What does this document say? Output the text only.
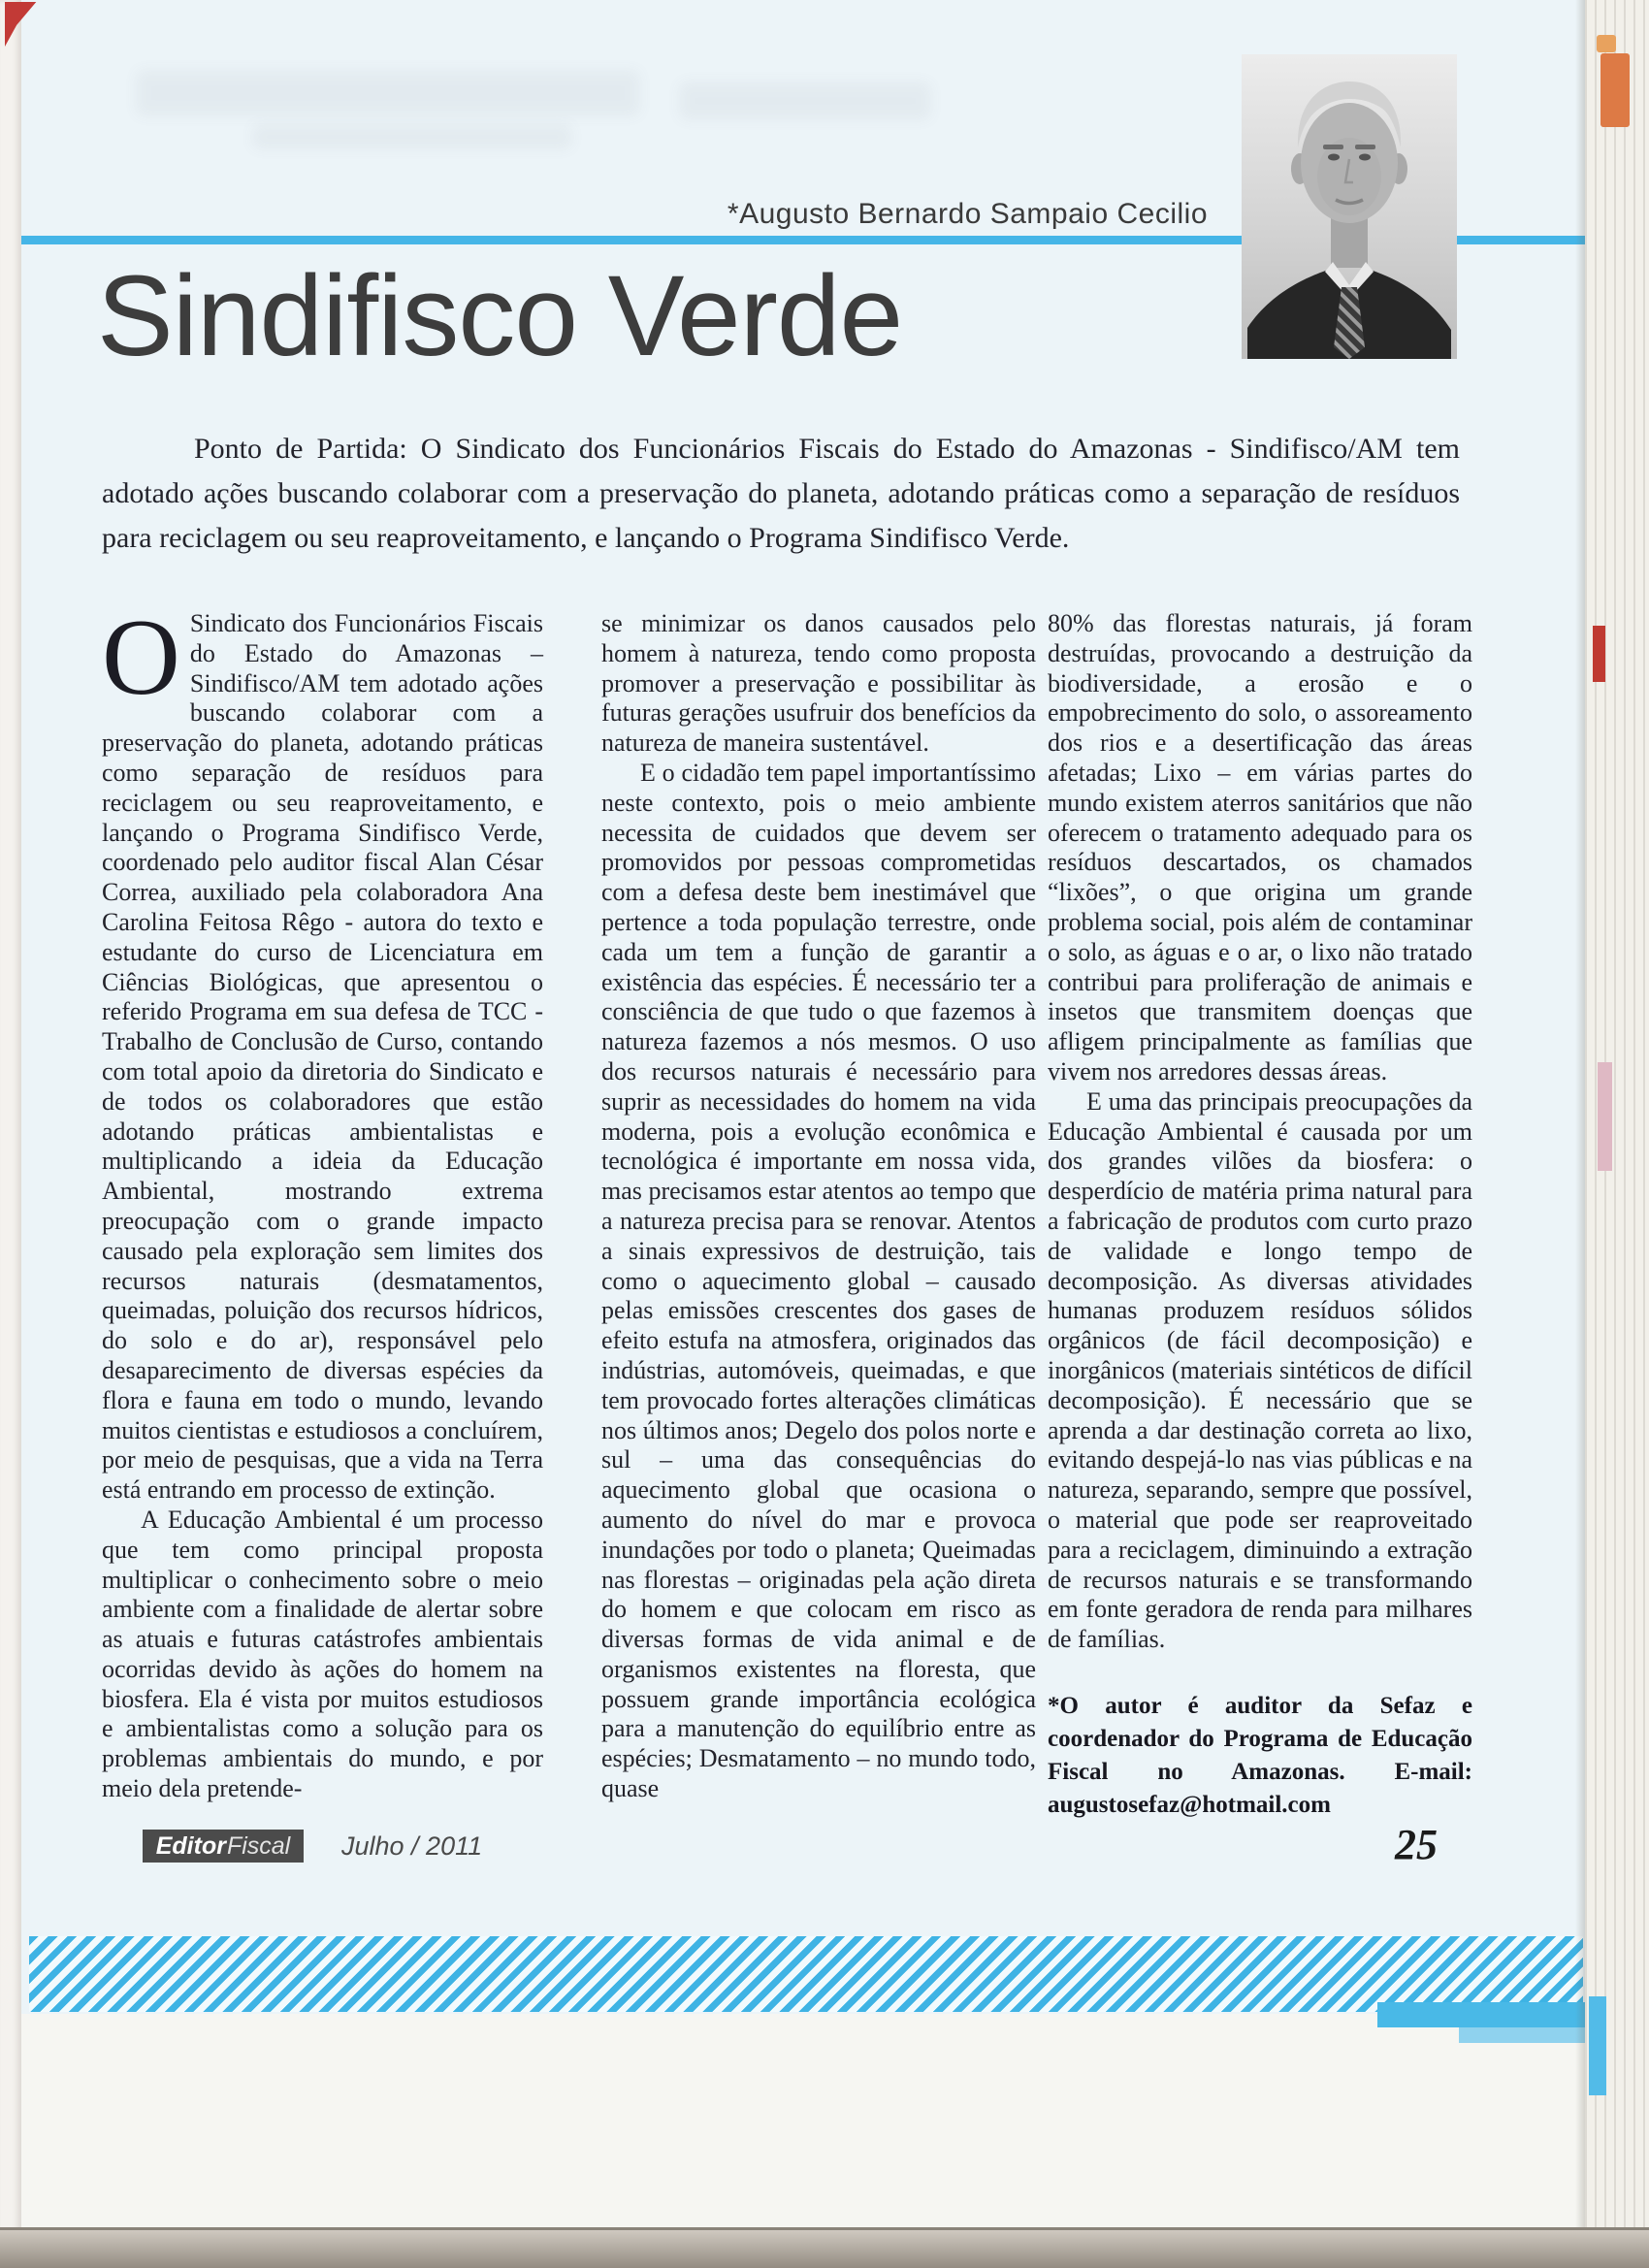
*Augusto Bernardo Sampaio Cecilio
Sindifisco Verde

Ponto de Partida: O Sindicato dos Funcionários Fiscais do Estado do Amazonas - Sindifisco/AM tem adotado ações buscando colaborar com a preservação do planeta, adotando práticas como a separação de resíduos para reciclagem ou seu reaproveitamento, e lançando o Programa Sindifisco Verde.

O Sindicato dos Funcionários Fiscais do Estado do Amazonas – Sindifisco/AM tem adotado ações buscando colaborar com a preservação do planeta, adotando práticas como separação de resíduos para reciclagem ou seu reaproveitamento, e lançando o Programa Sindifisco Verde, coordenado pelo auditor fiscal Alan César Correa, auxiliado pela colaboradora Ana Carolina Feitosa Rêgo - autora do texto e estudante do curso de Licenciatura em Ciências Biológicas, que apresentou o referido Programa em sua defesa de TCC - Trabalho de Conclusão de Curso, contando com total apoio da diretoria do Sindicato e de todos os colaboradores que estão adotando práticas ambientalistas e multiplicando a ideia da Educação Ambiental, mostrando extrema preocupação com o grande impacto causado pela exploração sem limites dos recursos naturais (desmatamentos, queimadas, poluição dos recursos hídricos, do solo e do ar), responsável pelo desaparecimento de diversas espécies da flora e fauna em todo o mundo, levando muitos cientistas e estudiosos a concluírem, por meio de pesquisas, que a vida na Terra está entrando em processo de extinção.

A Educação Ambiental é um processo que tem como principal proposta multiplicar o conhecimento sobre o meio ambiente com a finalidade de alertar sobre as atuais e futuras catástrofes ambientais ocorridas devido às ações do homem na biosfera. Ela é vista por muitos estudiosos e ambientalistas como a solução para os problemas ambientais do mundo, e por meio dela pretende-

se minimizar os danos causados pelo homem à natureza, tendo como proposta promover a preservação e possibilitar às futuras gerações usufruir dos benefícios da natureza de maneira sustentável.

E o cidadão tem papel importantíssimo neste contexto, pois o meio ambiente necessita de cuidados que devem ser promovidos por pessoas comprometidas com a defesa deste bem inestimável que pertence a toda população terrestre, onde cada um tem a função de garantir a existência das espécies. É necessário ter a consciência de que tudo o que fazemos à natureza fazemos a nós mesmos. O uso dos recursos naturais é necessário para suprir as necessidades do homem na vida moderna, pois a evolução econômica e tecnológica é importante em nossa vida, mas precisamos estar atentos ao tempo que a natureza precisa para se renovar. Atentos a sinais expressivos de destruição, tais como o aquecimento global – causado pelas emissões crescentes dos gases de efeito estufa na atmosfera, originados das indústrias, automóveis, queimadas, e que tem provocado fortes alterações climáticas nos últimos anos; Degelo dos polos norte e sul – uma das consequências do aquecimento global que ocasiona o aumento do nível do mar e provoca inundações por todo o planeta; Queimadas nas florestas – originadas pela ação direta do homem e que colocam em risco as diversas formas de vida animal e de organismos existentes na floresta, que possuem grande importância ecológica para a manutenção do equilíbrio entre as espécies; Desmatamento – no mundo todo, quase

80% das florestas naturais, já foram destruídas, provocando a destruição da biodiversidade, a erosão e o empobrecimento do solo, o assoreamento dos rios e a desertificação das áreas afetadas; Lixo – em várias partes do mundo existem aterros sanitários que não oferecem o tratamento adequado para os resíduos descartados, os chamados “lixões”, o que origina um grande problema social, pois além de contaminar o solo, as águas e o ar, o lixo não tratado contribui para proliferação de animais e insetos que transmitem doenças que afligem principalmente as famílias que vivem nos arredores dessas áreas.

E uma das principais preocupações da Educação Ambiental é causada por um dos grandes vilões da biosfera: o desperdício de matéria prima natural para a fabricação de produtos com curto prazo de validade e longo tempo de decomposição. As diversas atividades humanas produzem resíduos sólidos orgânicos (de fácil decomposição) e inorgânicos (materiais sintéticos de difícil decomposição). É necessário que se aprenda a dar destinação correta ao lixo, evitando despejá-lo nas vias públicas e na natureza, separando, sempre que possível, o material que pode ser reaproveitado para a reciclagem, diminuindo a extração de recursos naturais e se transformando em fonte geradora de renda para milhares de famílias.

*O autor é auditor da Sefaz e coordenador do Programa de Educação Fiscal no Amazonas. E-mail: augustosefaz@hotmail.com

Editor Fiscal Julho / 2011	25
